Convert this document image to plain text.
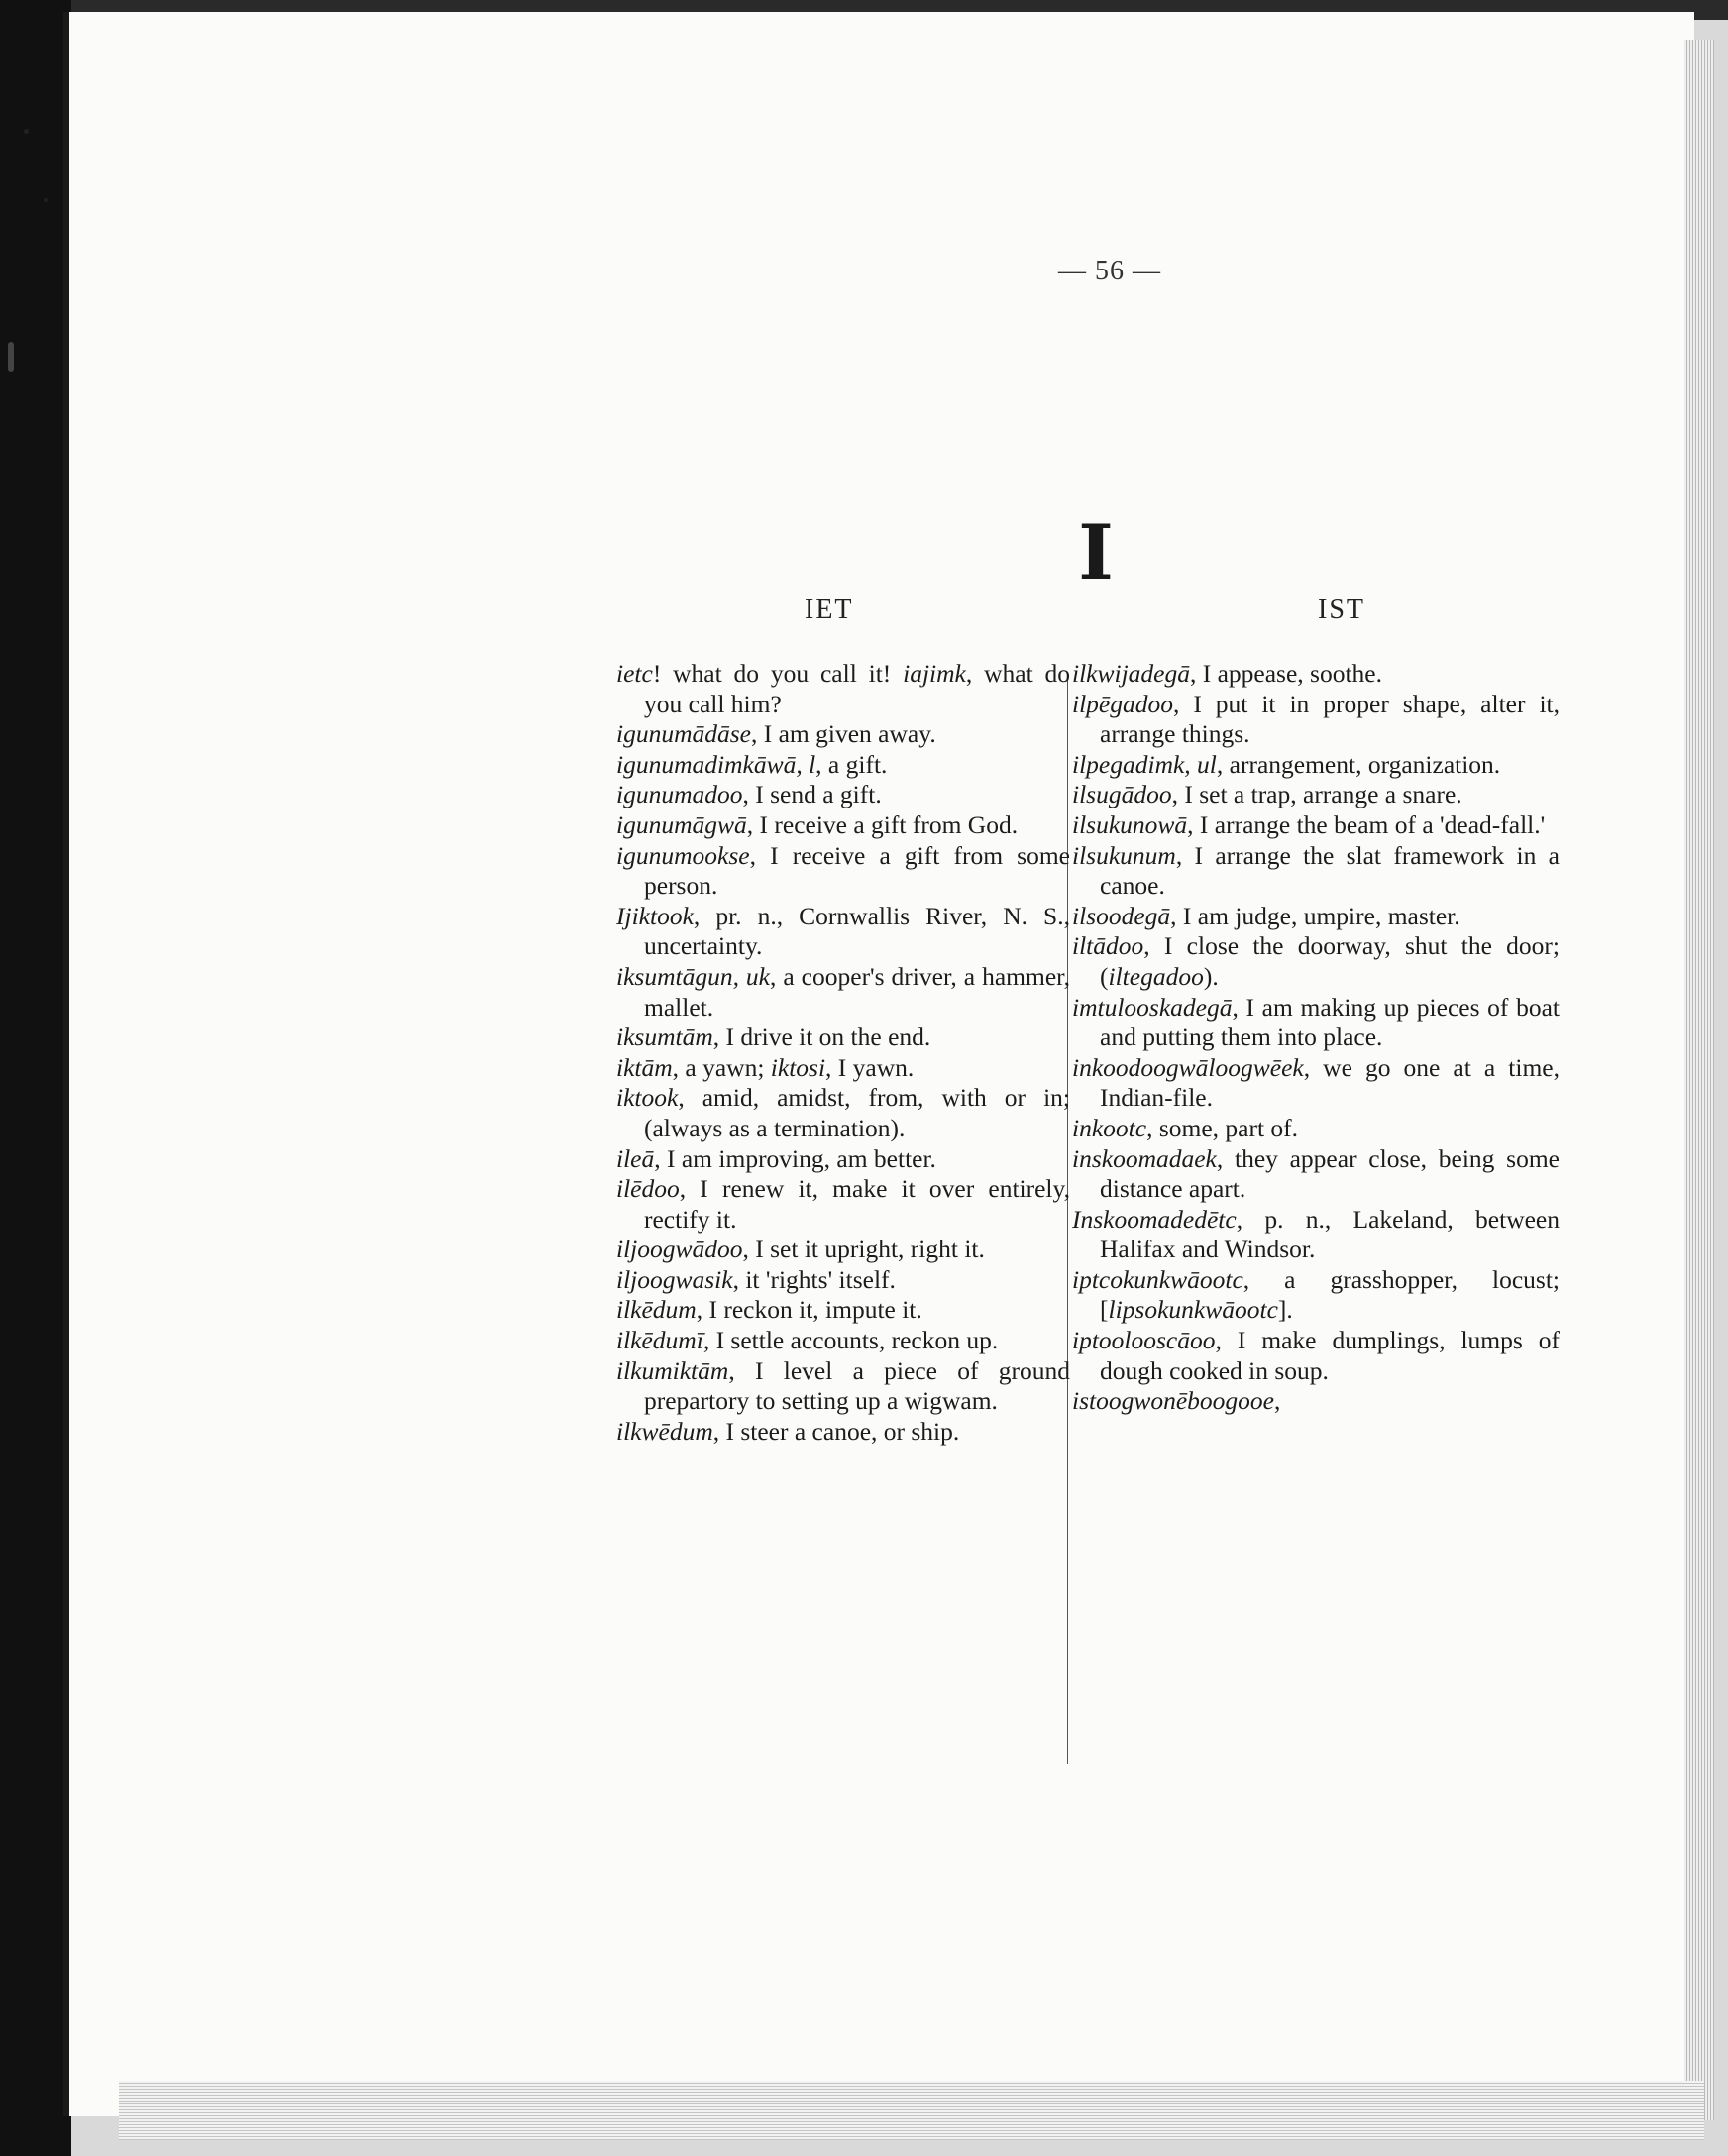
— 56 —
I
IET	IST

ietc! what do you call it! iajimk, what do you call him?

igunumādāse, I am given away.

igunumadimkāwā, l, a gift.

igunumadoo, I send a gift.

igunumāgwā, I receive a gift from God.

igunumookse, I receive a gift from some person.

Ijiktook, pr. n., Cornwallis River, N. S., uncertainty.

iksumtāgun, uk, a cooper's driver, a hammer, mallet.

iksumtām, I drive it on the end.

iktām, a yawn; iktosi, I yawn.

iktook, amid, amidst, from, with or in; (always as a termination).

ileā, I am improving, am better.

ilēdoo, I renew it, make it over entirely, rectify it.

iljoogwādoo, I set it upright, right it.

iljoogwasik, it 'rights' itself.

ilkēdum, I reckon it, impute it.

ilkēdumī, I settle accounts, reckon up.

ilkumiktām, I level a piece of ground prepartory to setting up a wigwam.

ilkwēdum, I steer a canoe, or ship.

ilkwijadegā, I appease, soothe.

ilpēgadoo, I put it in proper shape, alter it, arrange things.

ilpegadimk, ul, arrangement, organization.

ilsugādoo, I set a trap, arrange a snare.

ilsukunowā, I arrange the beam of a 'dead-fall.'

ilsukunum, I arrange the slat framework in a canoe.

ilsoodegā, I am judge, umpire, master.

iltādoo, I close the doorway, shut the door; (iltegadoo).

imtulooskadegā, I am making up pieces of boat and putting them into place.

inkoodoogwāloogwēek, we go one at a time, Indian-file.

inkootc, some, part of.

inskoomadaek, they appear close, being some distance apart.

Inskoomadedētc, p. n., Lakeland, between Halifax and Windsor.

iptcokunkwāootc, a grasshopper, locust; [lipsokunkwāootc].

iptoolooscāoo, I make dumplings, lumps of dough cooked in soup.

istoogwonēboogooe,
